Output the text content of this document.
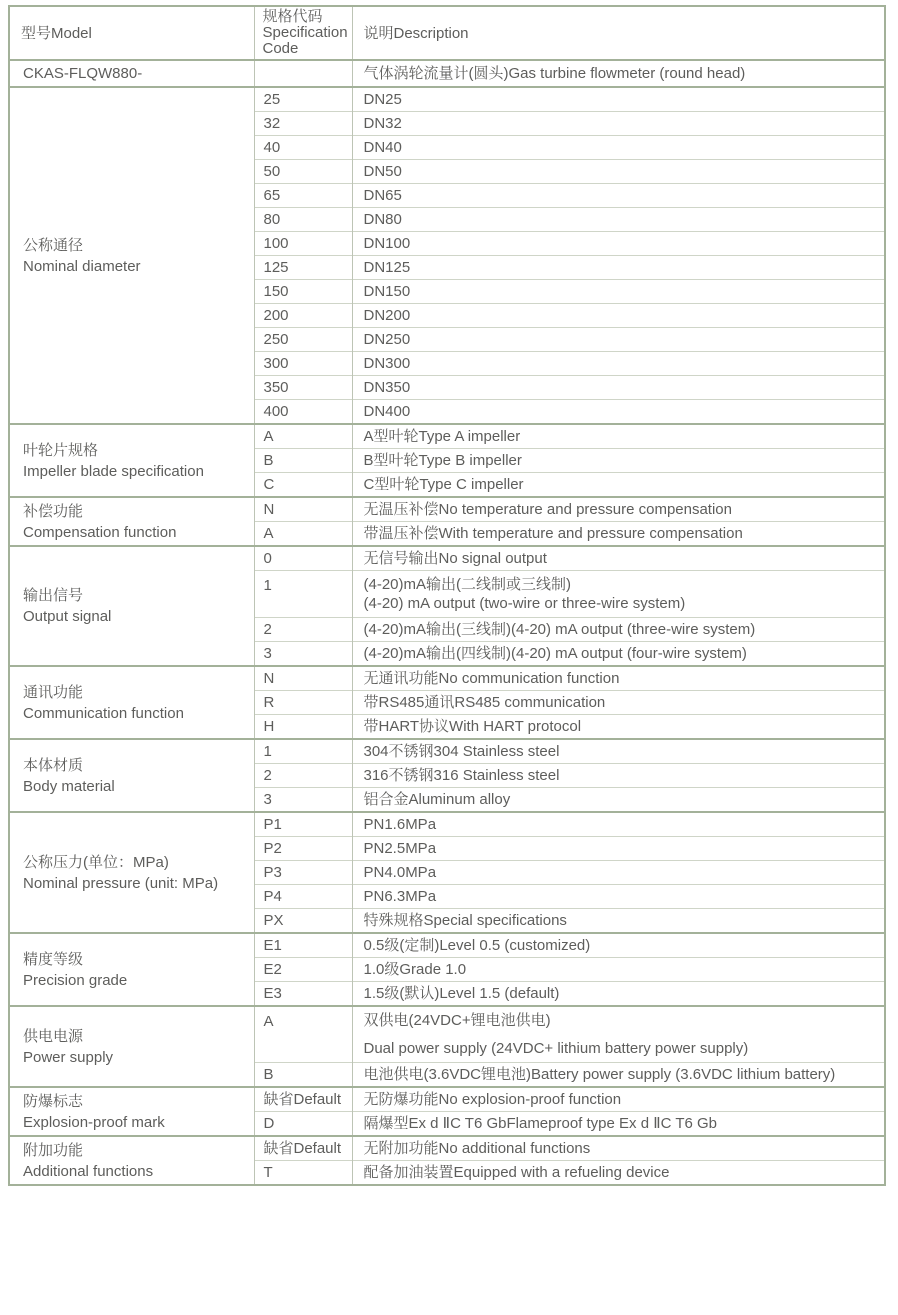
型号Model	规格代码
Specification
Code	说明Description

CKAS-FLQW880-		气体涡轮流量计(圆头)Gas turbine flowmeter (round head)

公称通径
Nominal diameter	25	DN25

	32	DN32

	40	DN40

	50	DN50

	65	DN65

	80	DN80

	100	DN100

	125	DN125

	150	DN150

	200	DN200

	250	DN250

	300	DN300

	350	DN350

	400	DN400

叶轮片规格
Impeller blade specification	A	A型叶轮Type A impeller

	B	B型叶轮Type B impeller

	C	C型叶轮Type C impeller

补偿功能
Compensation function	N	无温压补偿No temperature and pressure compensation

	A	带温压补偿With temperature and pressure compensation

输出信号
Output signal	0	无信号输出No signal output

	1	(4-20)mA输出(二线制或三线制)
(4-20) mA output (two-wire or three-wire system)

	2	(4-20)mA输出(三线制)(4-20) mA output (three-wire system)

	3	(4-20)mA输出(四线制)(4-20) mA output (four-wire system)

通讯功能
Communication function	N	无通讯功能No communication function

	R	带RS485通讯RS485 communication

	H	带HART协议With HART protocol

本体材质
Body material	1	304不锈钢304 Stainless steel

	2	316不锈钢316 Stainless steel

	3	铝合金Aluminum alloy

公称压力(单位：MPa)
Nominal pressure (unit: MPa)	P1	PN1.6MPa

	P2	PN2.5MPa

	P3	PN4.0MPa

	P4	PN6.3MPa

	PX	特殊规格Special specifications

精度等级
Precision grade	E1	0.5级(定制)Level 0.5 (customized)

	E2	1.0级Grade 1.0

	E3	1.5级(默认)Level 1.5 (default)

供电电源
Power supply
	A	双供电(24VDC+锂电池供电)
Dual power supply (24VDC+ lithium battery power supply)

	B	电池供电(3.6VDC锂电池)Battery power supply (3.6VDC lithium battery)

防爆标志
Explosion-proof mark	缺省Default	无防爆功能No explosion-proof function

	D	隔爆型Ex d ⅡC T6 GbFlameproof type Ex d ⅡC T6 Gb

附加功能
Additional functions	缺省Default	无附加功能No additional functions

	T	配备加油装置Equipped with a refueling device
